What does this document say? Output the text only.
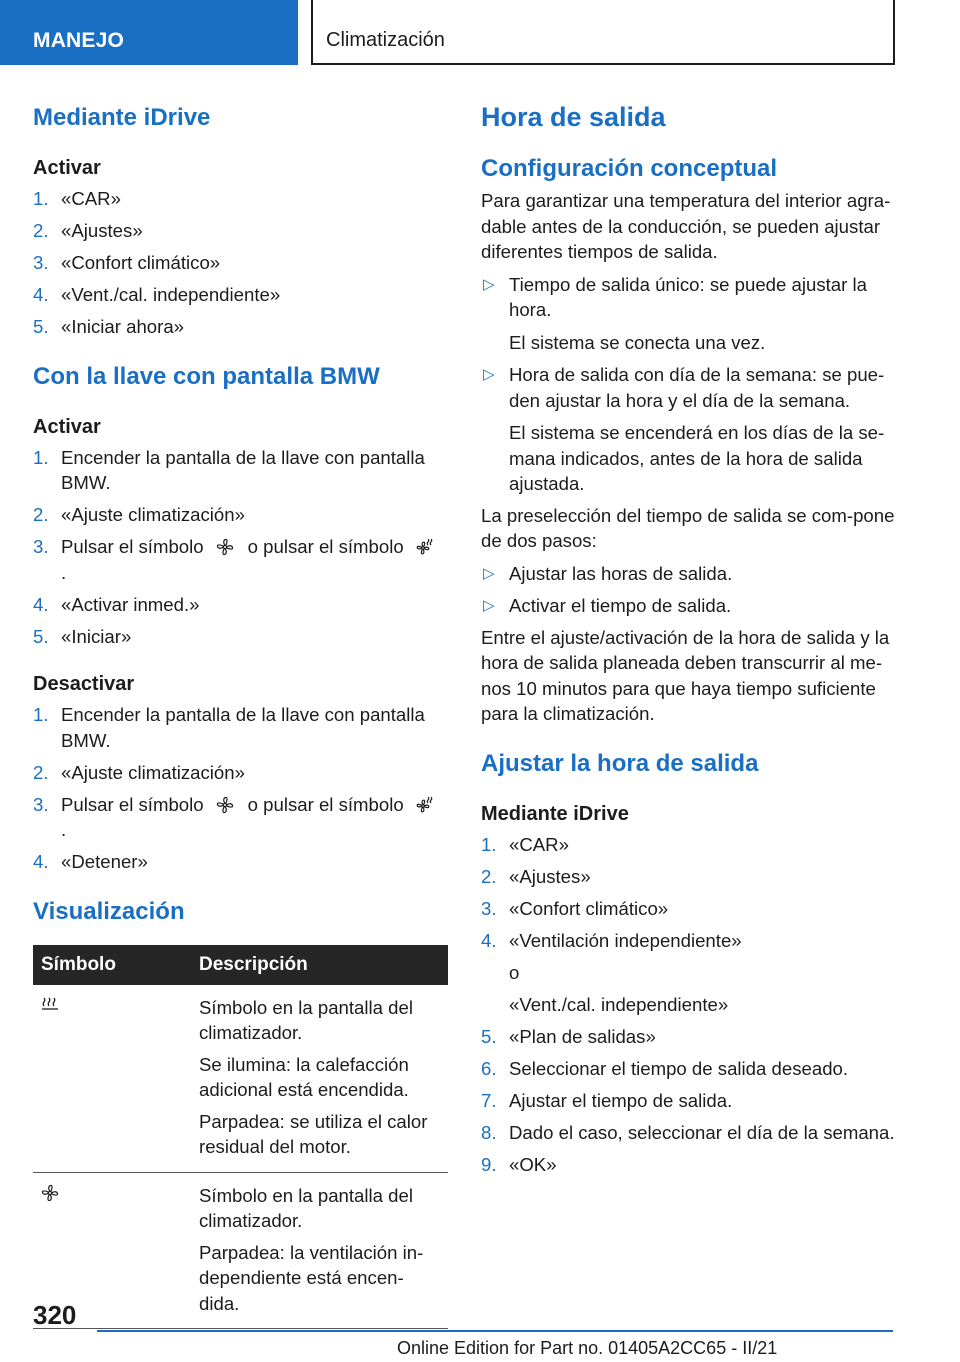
MANEJO	Climatización
Mediante iDrive
Activar
1. «CAR»
2. «Ajustes»
3. «Confort climático»
4. «Vent./cal. independiente»
5. «Iniciar ahora»
Con la llave con pantalla BMW
Activar
1. Encender la pantalla de la llave con pantalla BMW.
2. «Ajuste climatización»
3. Pulsar el símbolo o pulsar el símbolo
.
4. «Activar inmed.»
5. «Iniciar»
Desactivar
1. Encender la pantalla de la llave con pantalla BMW.
2. «Ajuste climatización»
3. Pulsar el símbolo o pulsar el símbolo
.
4. «Detener»
Visualización
Símbolo	Descripción

Símbolo en la pantalla del climatizador.

Se ilumina: la calefacción adicional está encendida.

Parpadea: se utiliza el calor residual del motor.

Símbolo en la pantalla del climatizador.

Parpadea: la ventilación in-dependiente está encen-dida.

Hora de salida
Configuración conceptual

Para garantizar una temperatura del interior agra-dable antes de la conducción, se pueden ajustar diferentes tiempos de salida.

▷ Tiempo de salida único: se puede ajustar la hora.

El sistema se conecta una vez.

▷ Hora de salida con día de la semana: se pue-den ajustar la hora y el día de la semana.

El sistema se encenderá en los días de la se-mana indicados, antes de la hora de salida ajustada.

La preselección del tiempo de salida se com-pone de dos pasos:

▷ Ajustar las horas de salida.
▷ Activar el tiempo de salida.

Entre el ajuste/activación de la hora de salida y la hora de salida planeada deben transcurrir al me-nos 10 minutos para que haya tiempo suficiente para la climatización.

Ajustar la hora de salida
Mediante iDrive
1. «CAR»
2. «Ajustes»
3. «Confort climático»
4. «Ventilación independiente»

o

«Vent./cal. independiente»

5. «Plan de salidas»
6. Seleccionar el tiempo de salida deseado.
7. Ajustar el tiempo de salida.
8. Dado el caso, seleccionar el día de la semana.
9. «OK»
320
Online Edition for Part no. 01405A2CC65 - II/21
